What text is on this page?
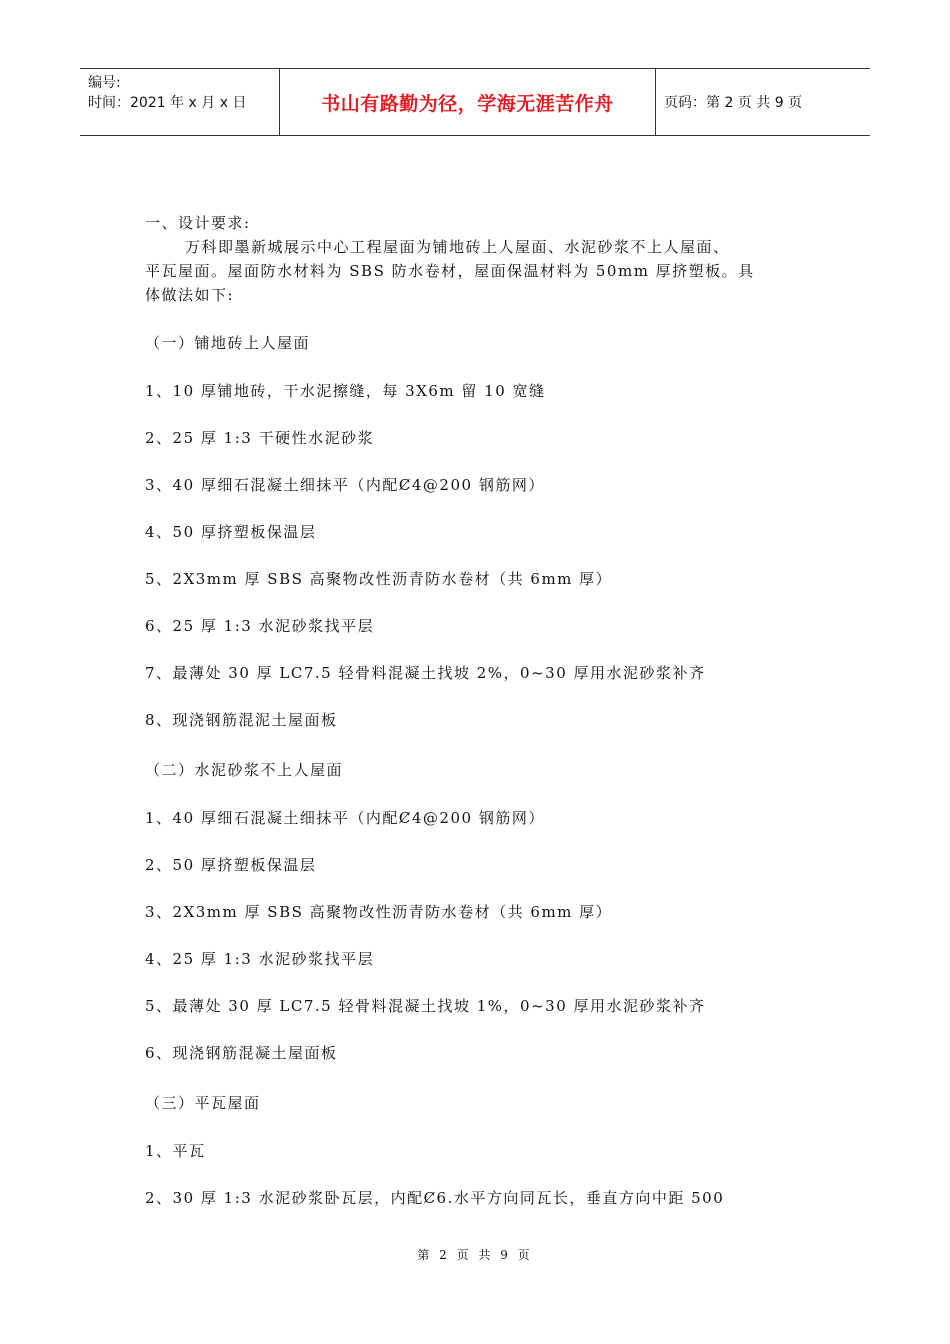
编号:
时间：2021 年 x 月 x 日	书山有路勤为径，学海无涯苦作舟	页码：第 2 页 共 9 页
一、设计要求:
万科即墨新城展示中心工程屋面为铺地砖上人屋面、水泥砂浆不上人屋面、
平瓦屋面。屋面防水材料为 SBS 防水卷材，屋面保温材料为 50mm 厚挤塑板。具
体做法如下:
（一）铺地砖上人屋面
1、10 厚铺地砖，干水泥擦缝，每 3X6m 留 10 宽缝
2、25 厚 1:3 干硬性水泥砂浆
3、40 厚细石混凝土细抹平（内配Ȼ4@200 钢筋网）
4、50 厚挤塑板保温层
5、2X3mm 厚 SBS 高聚物改性沥青防水卷材（共 6mm 厚）
6、25 厚 1:3 水泥砂浆找平层
7、最薄处 30 厚 LC7.5 轻骨料混凝土找坡 2%，0~30 厚用水泥砂浆补齐
8、现浇钢筋混泥土屋面板
（二）水泥砂浆不上人屋面
1、40 厚细石混凝土细抹平（内配Ȼ4@200 钢筋网）
2、50 厚挤塑板保温层
3、2X3mm 厚 SBS 高聚物改性沥青防水卷材（共 6mm 厚）
4、25 厚 1:3 水泥砂浆找平层
5、最薄处 30 厚 LC7.5 轻骨料混凝土找坡 1%，0~30 厚用水泥砂浆补齐
6、现浇钢筋混凝土屋面板
（三）平瓦屋面
1、平瓦
2、30 厚 1:3 水泥砂浆卧瓦层，内配Ȼ6.水平方向同瓦长，垂直方向中距 500
第 2 页 共 9 页
